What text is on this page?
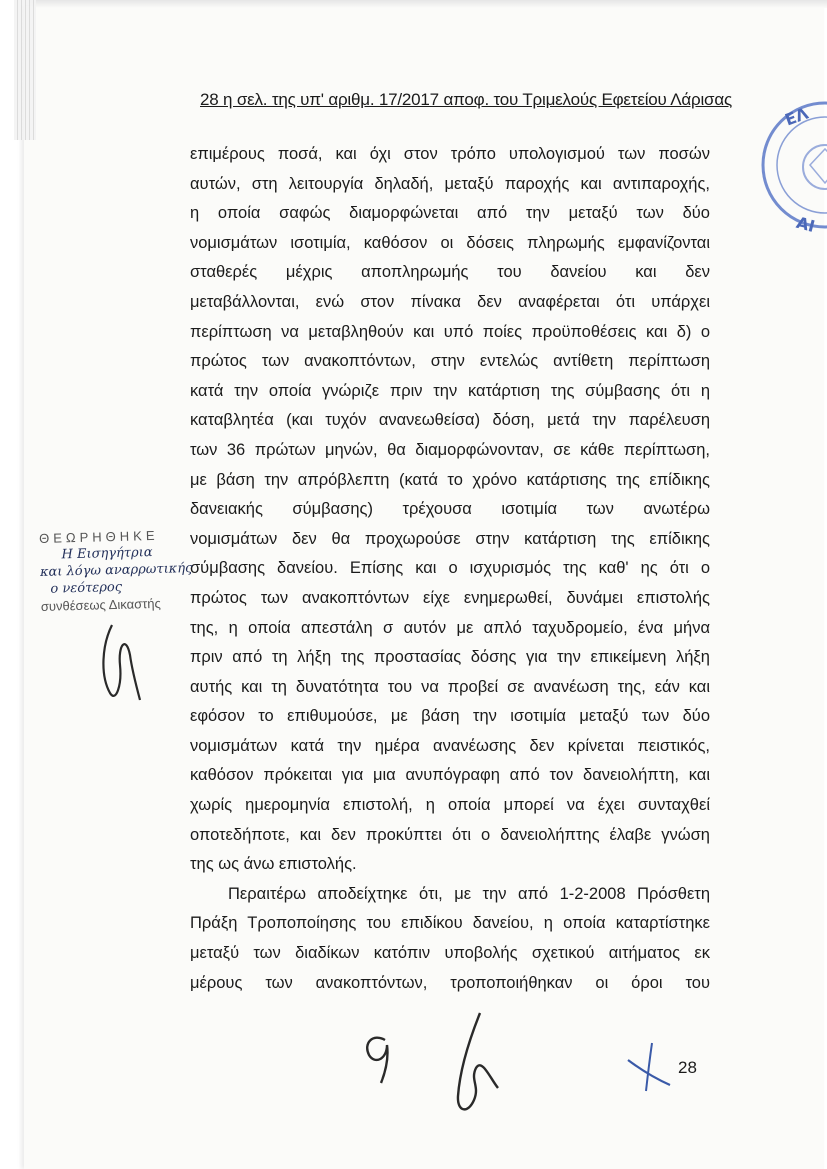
28 η σελ. της υπ' αριθμ. 17/2017 αποφ. του Τριμελούς Εφετείου Λάρισας
ΕΛ
ΑΙ
επιμέρους ποσά, και όχι στον τρόπο υπολογισμού των ποσών
αυτών, στη λειτουργία δηλαδή, μεταξύ παροχής και αντιπαροχής,
η οποία σαφώς διαμορφώνεται από την μεταξύ των δύο
νομισμάτων ισοτιμία, καθόσον οι δόσεις πληρωμής εμφανίζονται
σταθερές μέχρις αποπληρωμής του δανείου και δεν
μεταβάλλονται, ενώ στον πίνακα δεν αναφέρεται ότι υπάρχει
περίπτωση να μεταβληθούν και υπό ποίες προϋποθέσεις και δ) ο
πρώτος των ανακοπτόντων, στην εντελώς αντίθετη περίπτωση
κατά την οποία γνώριζε πριν την κατάρτιση της σύμβασης ότι η
καταβλητέα (και τυχόν ανανεωθείσα) δόση, μετά την παρέλευση
των 36 πρώτων μηνών, θα διαμορφώνονταν, σε κάθε περίπτωση,
με βάση την απρόβλεπτη (κατά το χρόνο κατάρτισης της επίδικης
δανειακής σύμβασης) τρέχουσα ισοτιμία των ανωτέρω
νομισμάτων δεν θα προχωρούσε στην κατάρτιση της επίδικης
σύμβασης δανείου. Επίσης και ο ισχυρισμός της καθ' ης ότι ο
πρώτος των ανακοπτόντων είχε ενημερωθεί, δυνάμει επιστολής
της, η οποία απεστάλη σ αυτόν με απλό ταχυδρομείο, ένα μήνα
πριν από τη λήξη της προστασίας δόσης για την επικείμενη λήξη
αυτής και τη δυνατότητα του να προβεί σε ανανέωση της, εάν και
εφόσον το επιθυμούσε, με βάση την ισοτιμία μεταξύ των δύο
νομισμάτων κατά την ημέρα ανανέωσης δεν κρίνεται πειστικός,
καθόσον πρόκειται για μια ανυπόγραφη από τον δανειολήπτη, και
χωρίς ημερομηνία επιστολή, η οποία μπορεί να έχει συνταχθεί
οποτεδήποτε, και δεν προκύπτει ότι ο δανειολήπτης έλαβε γνώση
της ως άνω επιστολής.
Περαιτέρω αποδείχτηκε ότι, με την από 1-2-2008 Πρόσθετη
Πράξη Τροποποίησης του επιδίκου δανείου, η οποία καταρτίστηκε
μεταξύ των διαδίκων κατόπιν υποβολής σχετικού αιτήματος εκ
μέρους των ανακοπτόντων, τροποποιήθηκαν οι όροι του
ΘΕΩΡΗΘΗΚΕ
Η Εισηγήτρια
και λόγω αναρρωτικής
ο νεότερος
συνθέσεως Δικαστής
28
